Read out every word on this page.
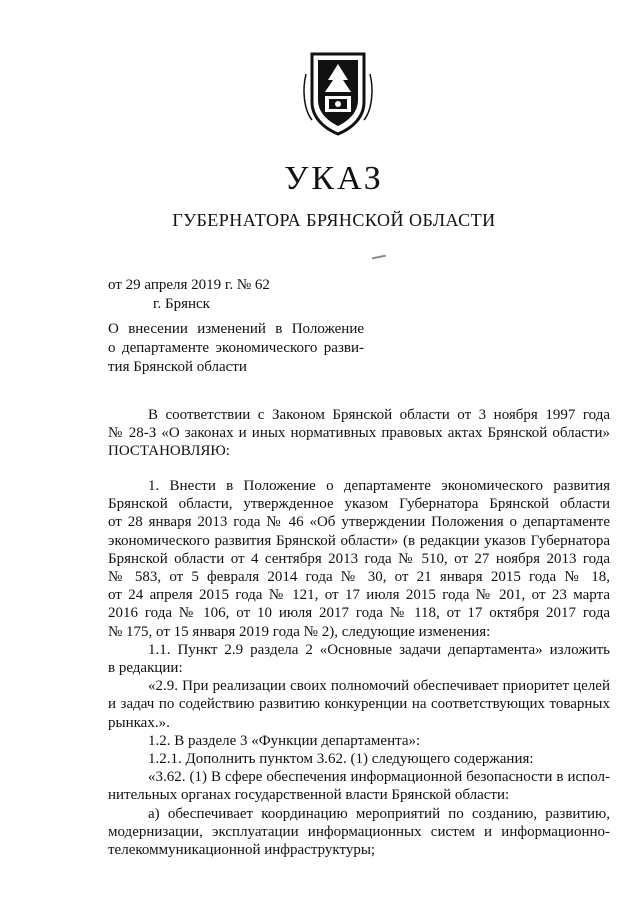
УКАЗ
ГУБЕРНАТОРА БРЯНСКОЙ ОБЛАСТИ
от 29 апреля 2019 г. № 62
г. Брянск
О внесении изменений в Положение
о департаменте экономического разви-
тия Брянской области
В соответствии с Законом Брянской области от 3 ноября 1997 года
№ 28-З «О законах и иных нормативных правовых актах Брянской области»
ПОСТАНОВЛЯЮ:
1. Внести в Положение о департаменте экономического развития
Брянской области, утвержденное указом Губернатора Брянской области
от 28 января 2013 года № 46 «Об утверждении Положения о департаменте
экономического развития Брянской области» (в редакции указов Губернатора
Брянской области от 4 сентября 2013 года № 510, от 27 ноября 2013 года
№ 583, от 5 февраля 2014 года № 30, от 21 января 2015 года № 18,
от 24 апреля 2015 года № 121, от 17 июля 2015 года № 201, от 23 марта
2016 года № 106, от 10 июля 2017 года № 118, от 17 октября 2017 года
№ 175, от 15 января 2019 года № 2), следующие изменения:
1.1. Пункт 2.9 раздела 2 «Основные задачи департамента» изложить
в редакции:
«2.9. При реализации своих полномочий обеспечивает приоритет целей
и задач по содействию развитию конкуренции на соответствующих товарных
рынках.».
1.2. В разделе 3 «Функции департамента»:
1.2.1. Дополнить пунктом 3.62. (1) следующего содержания:
«3.62. (1) В сфере обеспечения информационной безопасности в испол-
нительных органах государственной власти Брянской области:
а) обеспечивает координацию мероприятий по созданию, развитию,
модернизации, эксплуатации информационных систем и информационно-
телекоммуникационной инфраструктуры;
